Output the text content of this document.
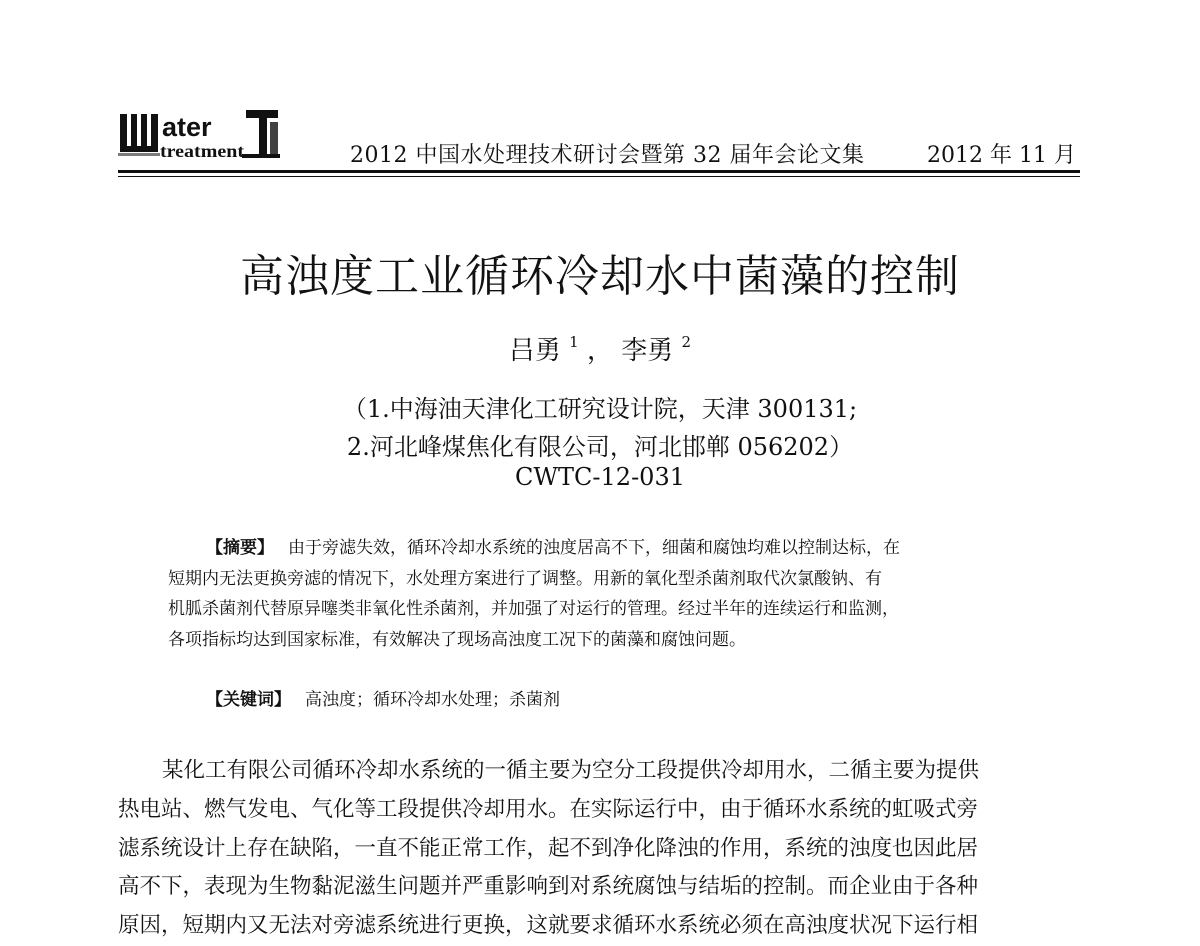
ater
treatment	2012 中国水处理技术研讨会暨第 32 届年会论文集	2012 年 11 月
高浊度工业循环冷却水中菌藻的控制
吕勇 $^1$ ， 李勇 $^2$
（1.中海油天津化工研究设计院，天津 300131;
2.河北峰煤焦化有限公司，河北邯郸 056202）
CWTC-12-031
【摘要】 由于旁滤失效，循环冷却水系统的浊度居高不下，细菌和腐蚀均难以控制达标，在
短期内无法更换旁滤的情况下，水处理方案进行了调整。用新的氧化型杀菌剂取代次氯酸钠、有
机胍杀菌剂代替原异噻类非氧化性杀菌剂，并加强了对运行的管理。经过半年的连续运行和监测，
各项指标均达到国家标准，有效解决了现场高浊度工况下的菌藻和腐蚀问题。
【关键词】 高浊度；循环冷却水处理；杀菌剂
某化工有限公司循环冷却水系统的一循主要为空分工段提供冷却用水，二循主要为提供
热电站、燃气发电、气化等工段提供冷却用水。在实际运行中，由于循环水系统的虹吸式旁
滤系统设计上存在缺陷，一直不能正常工作，起不到净化降浊的作用，系统的浊度也因此居
高不下，表现为生物黏泥滋生问题并严重影响到对系统腐蚀与结垢的控制。而企业由于各种
原因，短期内又无法对旁滤系统进行更换，这就要求循环水系统必须在高浊度状况下运行相
